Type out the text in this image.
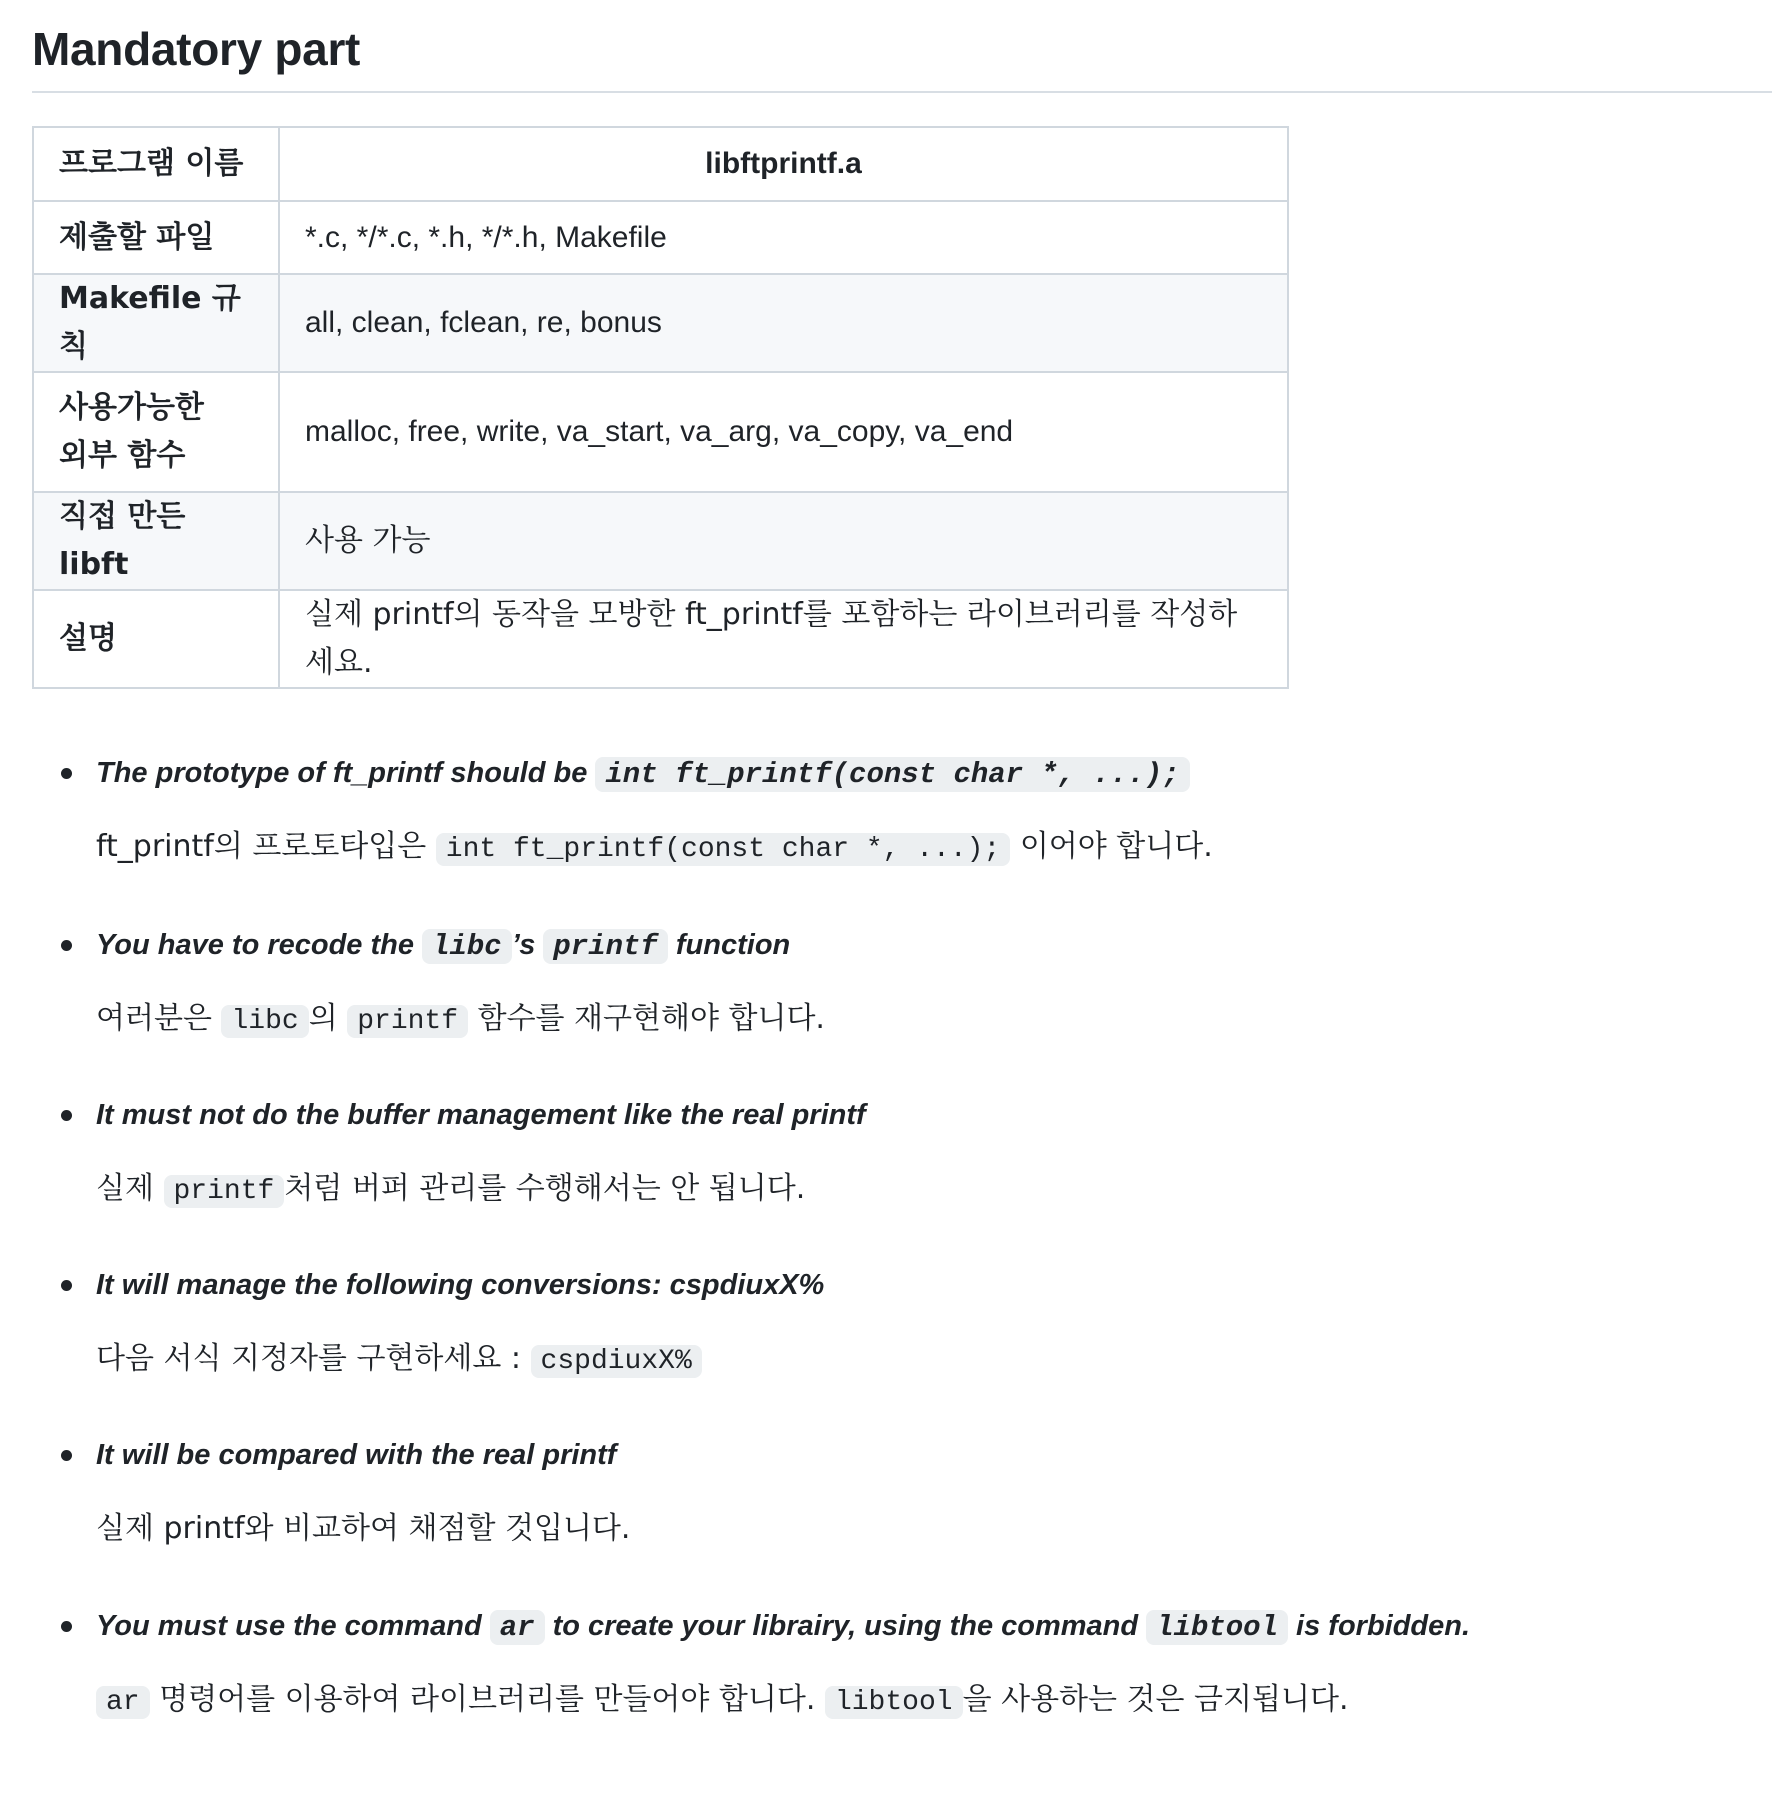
Mandatory part
프로그램 이름	libftprintf.a
제출할 파일	*.c, */*.c, *.h, */*.h, Makefile
Makefile 규칙	all, clean, fclean, re, bonus
사용가능한
외부 함수	malloc, free, write, va_start, va_arg, va_copy, va_end
직접 만든 libft	사용 가능
설명	실제 printf의 동작을 모방한 ft_printf를 포함하는 라이브러리를 작성하세요.
The prototype of ft_printf should be int ft_printf(const char *, ...);
ft_printf의 프로토타입은 int ft_printf(const char *, ...); 이어야 합니다.
You have to recode the libc ’s printf function
여러분은 libc 의 printf 함수를 재구현해야 합니다.
It must not do the buffer management like the real printf
실제 printf 처럼 버퍼 관리를 수행해서는 안 됩니다.
It will manage the following conversions: cspdiuxX%
다음 서식 지정자를 구현하세요 : cspdiuxX%
It will be compared with the real printf
실제 printf와 비교하여 채점할 것입니다.
You must use the command ar to create your librairy, using the command libtool is forbidden.
ar 명령어를 이용하여 라이브러리를 만들어야 합니다. libtool 을 사용하는 것은 금지됩니다.
